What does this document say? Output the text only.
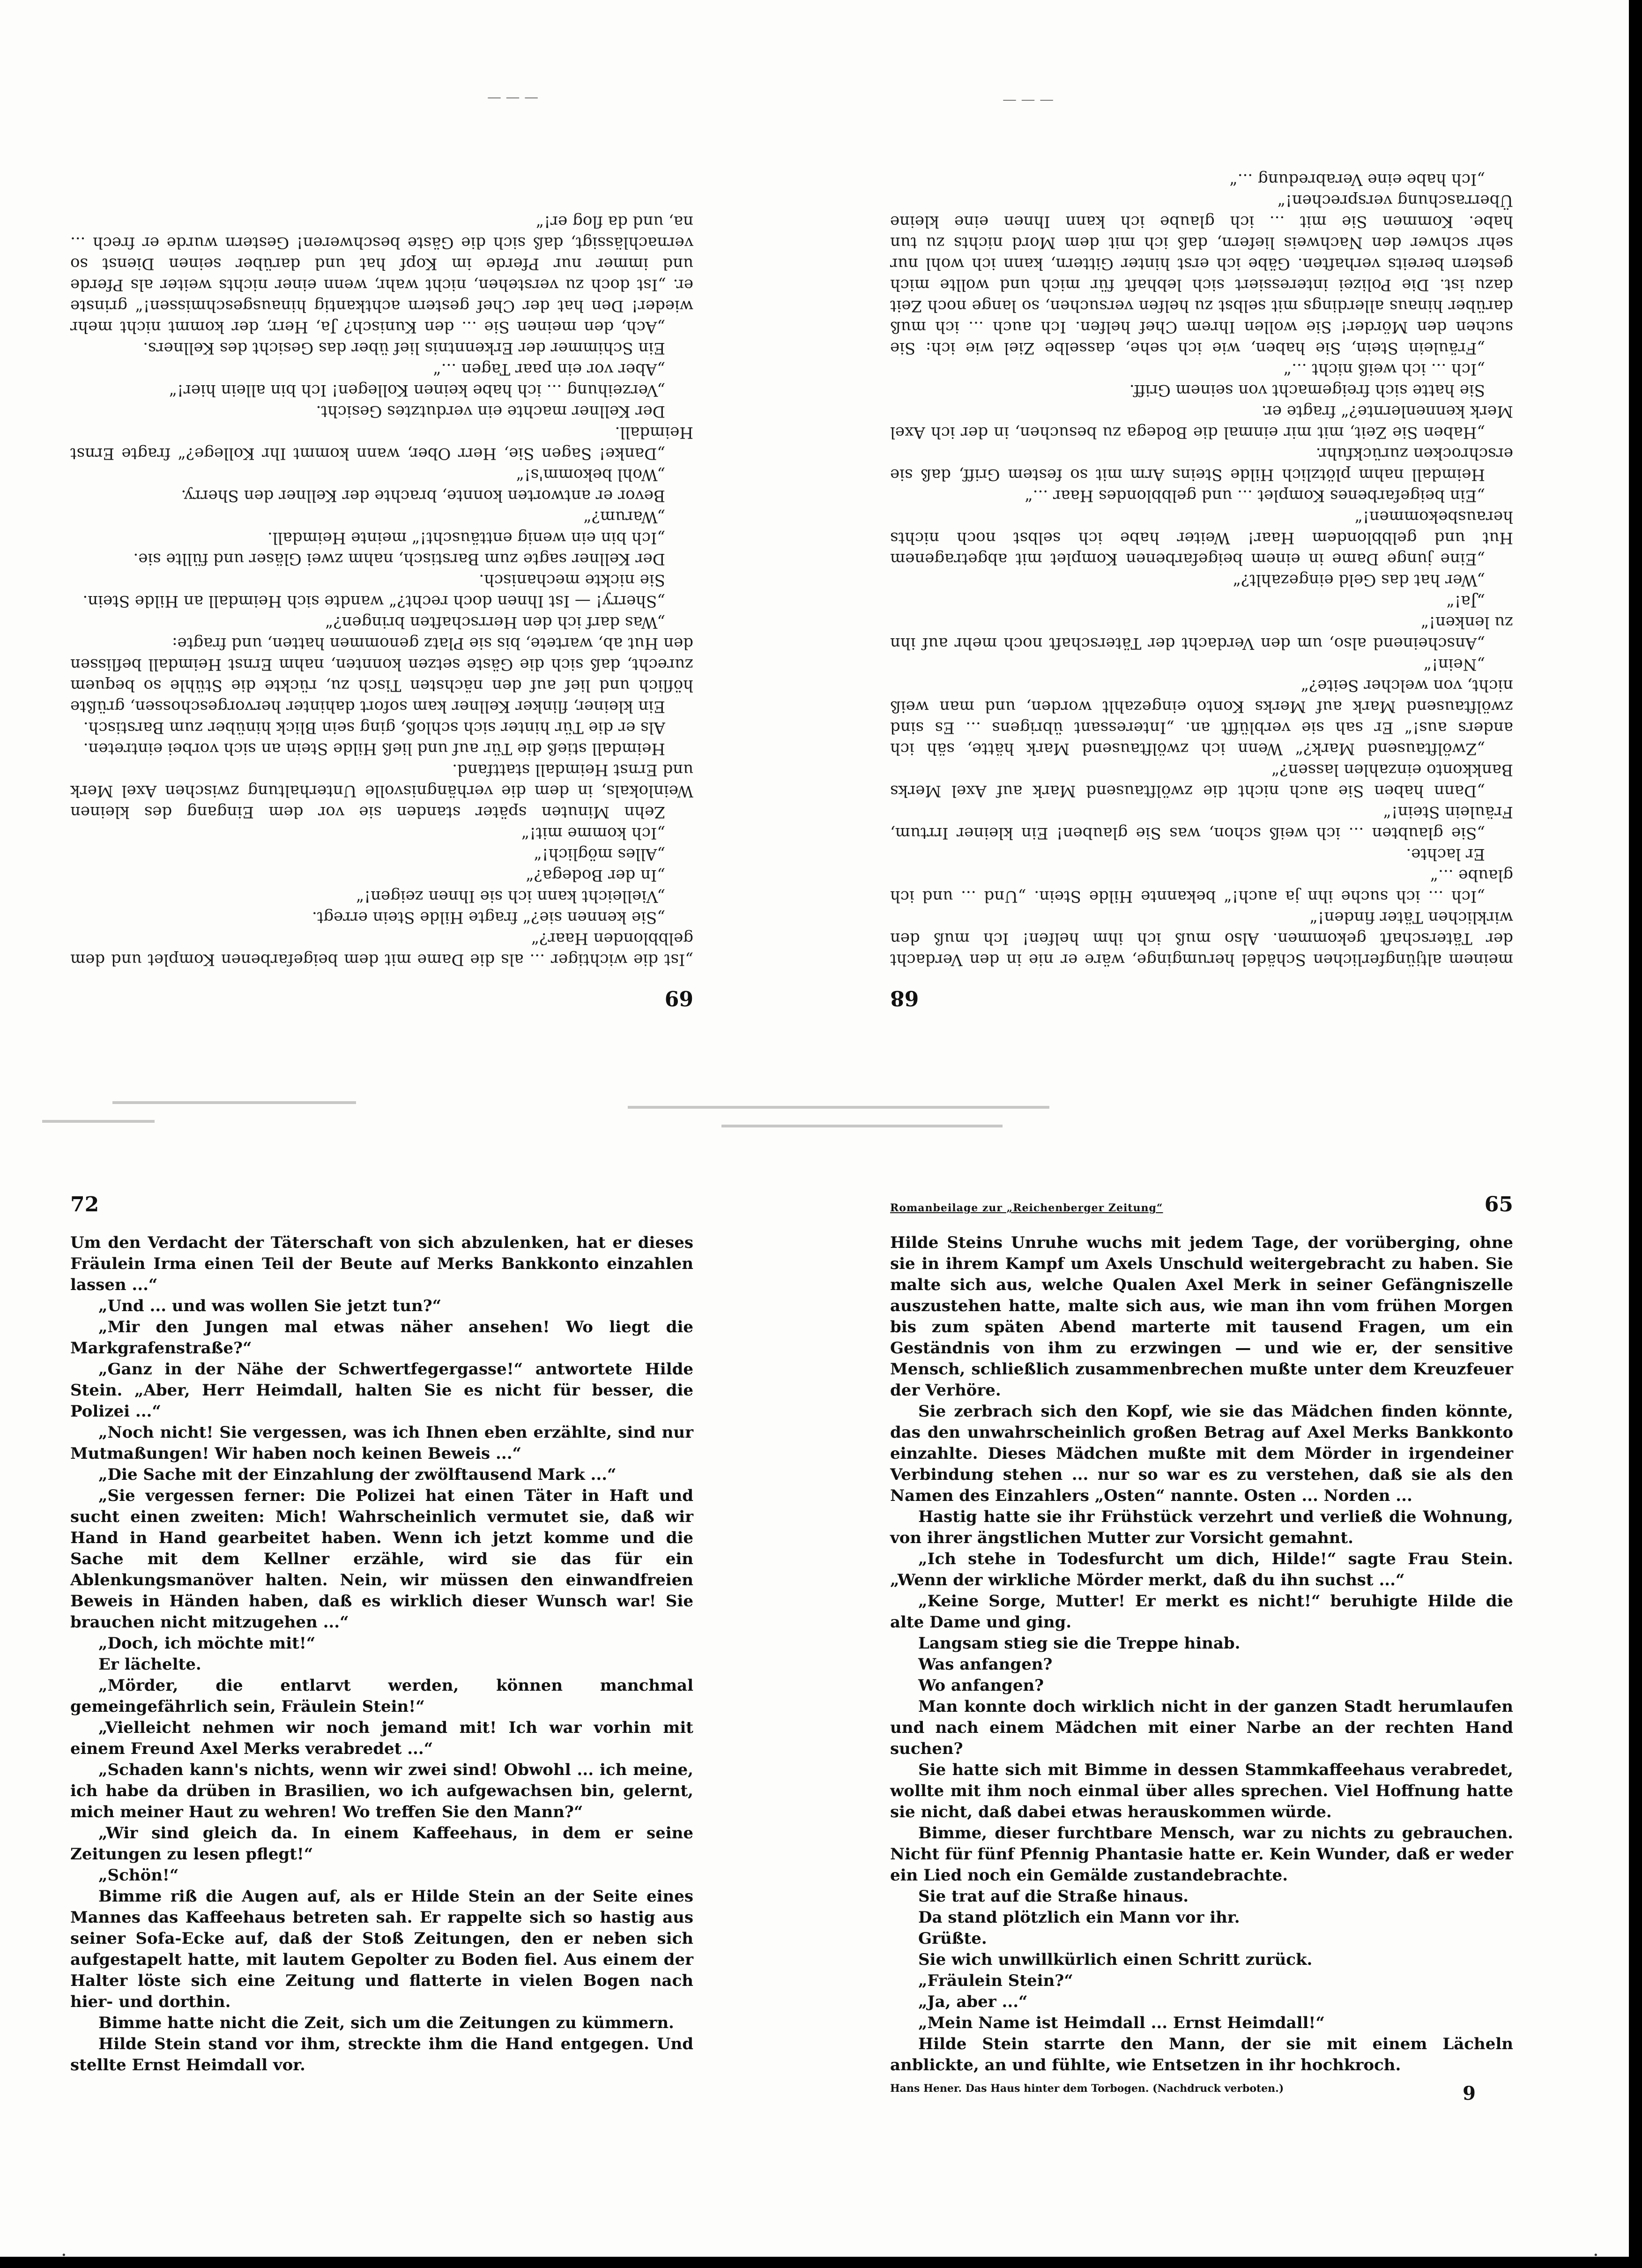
— — —	— — —
·	·
69

„Ist die wichtiger ... als die Dame mit dem beigefarbenen Komplet und dem gelbblonden Haar?“

„Sie kennen sie?“ fragte Hilde Stein erregt.

„Vielleicht kann ich sie Ihnen zeigen!“

„In der Bodega?“

„Alles möglich!“

„Ich komme mit!“

Zehn Minuten später standen sie vor dem Eingang des kleinen Weinlokals, in dem die verhängnisvolle Unterhaltung zwischen Axel Merk und Ernst Heimdall stattfand.

Heimdall stieß die Tür auf und ließ Hilde Stein an sich vorbei eintreten.

Als er die Tür hinter sich schloß, ging sein Blick hinüber zum Barstisch.

Ein kleiner, flinker Kellner kam sofort dahinter hervorgeschossen, grüßte höflich und lief auf den nächsten Tisch zu, rückte die Stühle so bequem zurecht, daß sich die Gäste setzen konnten, nahm Ernst Heimdall beflissen den Hut ab, wartete, bis sie Platz genommen hatten, und fragte:

„Was darf ich den Herrschaften bringen?“

„Sherry! — Ist Ihnen doch recht?“ wandte sich Heimdall an Hilde Stein.

Sie nickte mechanisch.

Der Kellner sagte zum Barstisch, nahm zwei Gläser und füllte sie.

„Ich bin ein wenig enttäuscht!“ meinte Heimdall.

„Warum?“

Bevor er antworten konnte, brachte der Kellner den Sherry.

„Wohl bekomm's!“

„Danke! Sagen Sie, Herr Ober, wann kommt Ihr Kollege?“ fragte Ernst Heimdall.

Der Kellner machte ein verdutztes Gesicht.

„Verzeihung ... ich habe keinen Kollegen! Ich bin allein hier!“

„Aber vor ein paar Tagen ...“

Ein Schimmer der Erkenntnis lief über das Gesicht des Kellners.

„Ach, den meinen Sie ... den Kunisch? Ja, Herr, der kommt nicht mehr wieder! Den hat der Chef gestern achtkantig hinausgeschmissen!“ grinste er. „Ist doch zu verstehen, nicht wahr, wenn einer nichts weiter als Pferde und immer nur Pferde im Kopf hat und darüber seinen Dienst so vernachlässigt, daß sich die Gäste beschweren! Gestern wurde er frech ... na, und da flog er!“

68

meinem altjüngferlichen Schädel herumginge, wäre er nie in den Verdacht der Täterschaft gekommen. Also muß ich ihm helfen! Ich muß den wirklichen Täter finden!“

„Ich ... ich suche ihn ja auch!“ bekannte Hilde Stein. „Und ... und ich glaube ...“

Er lachte.

„Sie glaubten ... ich weiß schon, was Sie glauben! Ein kleiner Irrtum, Fräulein Stein!“

„Dann haben Sie auch nicht die zwölftausend Mark auf Axel Merks Bankkonto einzahlen lassen?“

„Zwölftausend Mark?“ Wenn ich zwölftausend Mark hätte, säh ich anders aus!“ Er sah sie verblüfft an. „Interessant übrigens ... Es sind zwölftausend Mark auf Merks Konto eingezahlt worden, und man weiß nicht, von welcher Seite?“

„Nein!“

„Anscheinend also, um den Verdacht der Täterschaft noch mehr auf ihn zu lenken!“

„Ja!“

„Wer hat das Geld eingezahlt?“

„Eine junge Dame in einem beigefarbenen Komplet mit abgetragenem Hut und gelbblondem Haar! Weiter habe ich selbst noch nichts herausbekommen!“

„Ein beigefarbenes Komplet ... und gelbblondes Haar ...“

Heimdall nahm plötzlich Hilde Steins Arm mit so festem Griff, daß sie erschrocken zurückfuhr.

„Haben Sie Zeit, mit mir einmal die Bodega zu besuchen, in der ich Axel Merk kennenlernte?“ fragte er.

Sie hatte sich freigemacht von seinem Griff.

„Ich ... ich weiß nicht ...“

„Fräulein Stein, Sie haben, wie ich sehe, dasselbe Ziel wie ich: Sie suchen den Mörder! Sie wollen Ihrem Chef helfen. Ich auch ... ich muß darüber hinaus allerdings mit selbst zu helfen versuchen, so lange noch Zeit dazu ist. Die Polizei interessiert sich lebhaft für mich und wollte mich gestern bereits verhaften. Gäbe ich erst hinter Gittern, kann ich wohl nur sehr schwer den Nachweis liefern, daß ich mit dem Mord nichts zu tun habe. Kommen Sie mit ... ich glaube ich kann Ihnen eine kleine Überraschung versprechen!“

„Ich habe eine Verabredung ...“

72

Um den Verdacht der Täterschaft von sich abzulenken, hat er dieses Fräulein Irma einen Teil der Beute auf Merks Bankkonto einzahlen lassen ...“

„Und ... und was wollen Sie jetzt tun?“

„Mir den Jungen mal etwas näher ansehen! Wo liegt die Markgrafenstraße?“

„Ganz in der Nähe der Schwertfegergasse!“ antwortete Hilde Stein. „Aber, Herr Heimdall, halten Sie es nicht für besser, die Polizei ...“

„Noch nicht! Sie vergessen, was ich Ihnen eben erzählte, sind nur Mutmaßungen! Wir haben noch keinen Beweis ...“

„Die Sache mit der Einzahlung der zwölftausend Mark ...“

„Sie vergessen ferner: Die Polizei hat einen Täter in Haft und sucht einen zweiten: Mich! Wahrscheinlich vermutet sie, daß wir Hand in Hand gearbeitet haben. Wenn ich jetzt komme und die Sache mit dem Kellner erzähle, wird sie das für ein Ablenkungsmanöver halten. Nein, wir müssen den einwandfreien Beweis in Händen haben, daß es wirklich dieser Wunsch war! Sie brauchen nicht mitzugehen ...“

„Doch, ich möchte mit!“

Er lächelte.

„Mörder, die entlarvt werden, können manchmal gemeingefährlich sein, Fräulein Stein!“

„Vielleicht nehmen wir noch jemand mit! Ich war vorhin mit einem Freund Axel Merks verabredet ...“

„Schaden kann's nichts, wenn wir zwei sind! Obwohl ... ich meine, ich habe da drüben in Brasilien, wo ich aufgewachsen bin, gelernt, mich meiner Haut zu wehren! Wo treffen Sie den Mann?“

„Wir sind gleich da. In einem Kaffeehaus, in dem er seine Zeitungen zu lesen pflegt!“

„Schön!“

Bimme riß die Augen auf, als er Hilde Stein an der Seite eines Mannes das Kaffeehaus betreten sah. Er rappelte sich so hastig aus seiner Sofa-Ecke auf, daß der Stoß Zeitungen, den er neben sich aufgestapelt hatte, mit lautem Gepolter zu Boden fiel. Aus einem der Halter löste sich eine Zeitung und flatterte in vielen Bogen nach hier- und dorthin.

Bimme hatte nicht die Zeit, sich um die Zeitungen zu kümmern.

Hilde Stein stand vor ihm, streckte ihm die Hand entgegen. Und stellte Ernst Heimdall vor.

Romanbeilage zur „Reichenberger Zeitung“	65

Hilde Steins Unruhe wuchs mit jedem Tage, der vorüberging, ohne sie in ihrem Kampf um Axels Unschuld weitergebracht zu haben. Sie malte sich aus, welche Qualen Axel Merk in seiner Gefängniszelle auszustehen hatte, malte sich aus, wie man ihn vom frühen Morgen bis zum späten Abend marterte mit tausend Fragen, um ein Geständnis von ihm zu erzwingen — und wie er, der sensitive Mensch, schließlich zusammenbrechen mußte unter dem Kreuzfeuer der Verhöre.

Sie zerbrach sich den Kopf, wie sie das Mädchen finden könnte, das den unwahrscheinlich großen Betrag auf Axel Merks Bankkonto einzahlte. Dieses Mädchen mußte mit dem Mörder in irgendeiner Verbindung stehen ... nur so war es zu verstehen, daß sie als den Namen des Einzahlers „Osten“ nannte. Osten ... Norden ...

Hastig hatte sie ihr Frühstück verzehrt und verließ die Wohnung, von ihrer ängstlichen Mutter zur Vorsicht gemahnt.

„Ich stehe in Todesfurcht um dich, Hilde!“ sagte Frau Stein. „Wenn der wirkliche Mörder merkt, daß du ihn suchst ...“

„Keine Sorge, Mutter! Er merkt es nicht!“ beruhigte Hilde die alte Dame und ging.

Langsam stieg sie die Treppe hinab.

Was anfangen?

Wo anfangen?

Man konnte doch wirklich nicht in der ganzen Stadt herumlaufen und nach einem Mädchen mit einer Narbe an der rechten Hand suchen?

Sie hatte sich mit Bimme in dessen Stammkaffeehaus verabredet, wollte mit ihm noch einmal über alles sprechen. Viel Hoffnung hatte sie nicht, daß dabei etwas herauskommen würde.

Bimme, dieser furchtbare Mensch, war zu nichts zu gebrauchen. Nicht für fünf Pfennig Phantasie hatte er. Kein Wunder, daß er weder ein Lied noch ein Gemälde zustandebrachte.

Sie trat auf die Straße hinaus.

Da stand plötzlich ein Mann vor ihr.

Grüßte.

Sie wich unwillkürlich einen Schritt zurück.

„Fräulein Stein?“

„Ja, aber ...“

„Mein Name ist Heimdall ... Ernst Heimdall!“

Hilde Stein starrte den Mann, der sie mit einem Lächeln anblickte, an und fühlte, wie Entsetzen in ihr hochkroch.

Hans Hener. Das Haus hinter dem Torbogen. (Nachdruck verboten.)	9
